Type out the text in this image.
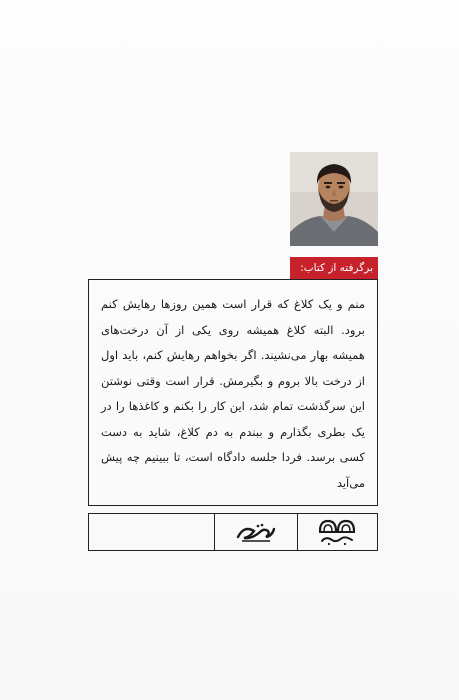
برگرفته از کتاب:

منم و یک کلاغ که قرار است همین روزها رهایش کنم برود. البته کلاغ همیشه روی یکی از آن درخت‌های همیشه بهار می‌نشیند. اگر بخواهم رهایش کنم، باید اول از درخت بالا بروم و بگیرمش. قرار است وقتی نوشتن این سرگذشت تمام شد، این کار را بکنم و کاغذها را در یک بطری بگذارم و ببندم به دم کلاغ، شاید به دست کسی برسد. فردا جلسه دادگاه است، تا ببینیم چه پیش می‌آید
